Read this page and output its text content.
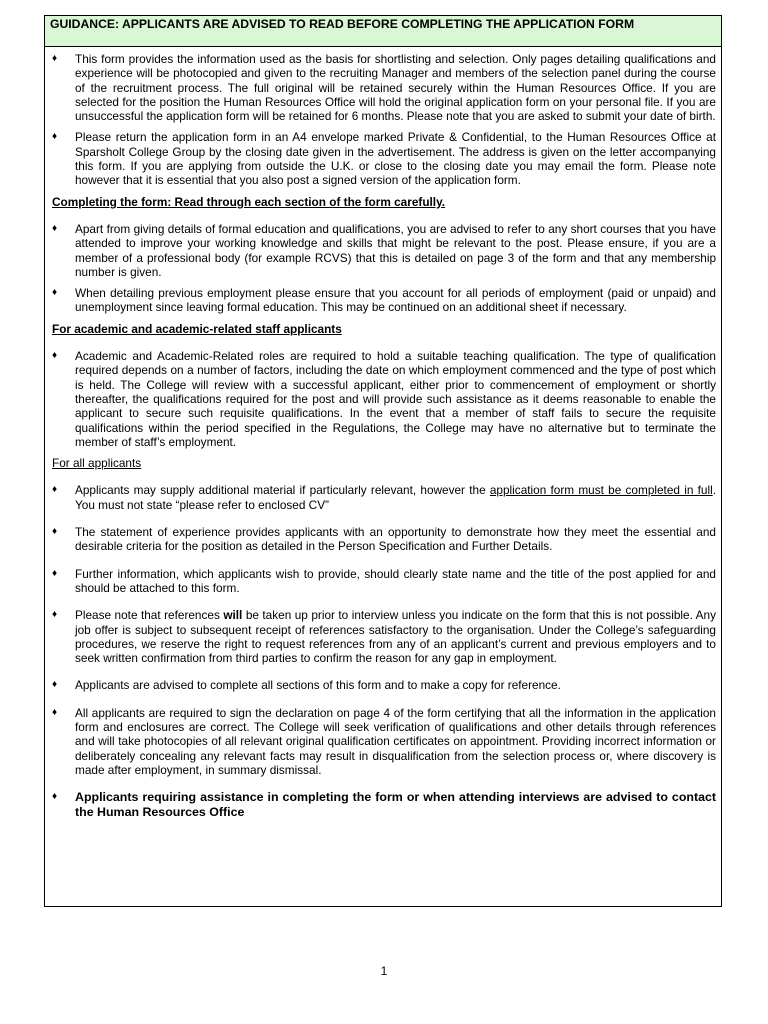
GUIDANCE: APPLICANTS ARE ADVISED TO READ BEFORE COMPLETING THE APPLICATION FORM
♦	This form provides the information used as the basis for shortlisting and selection. Only pages detailing qualifications and experience will be photocopied and given to the recruiting Manager and members of the selection panel during the course of the recruitment process. The full original will be retained securely within the Human Resources Office. If you are selected for the position the Human Resources Office will hold the original application form on your personal file. If you are unsuccessful the application form will be retained for 6 months. Please note that you are asked to submit your date of birth.
♦	Please return the application form in an A4 envelope marked Private & Confidential, to the Human Resources Office at Sparsholt College Group by the closing date given in the advertisement. The address is given on the letter accompanying this form. If you are applying from outside the U.K. or close to the closing date you may email the form. Please note however that it is essential that you also post a signed version of the application form.
Completing the form: Read through each section of the form carefully.
♦	Apart from giving details of formal education and qualifications, you are advised to refer to any short courses that you have attended to improve your working knowledge and skills that might be relevant to the post. Please ensure, if you are a member of a professional body (for example RCVS) that this is detailed on page 3 of the form and that any membership number is given.
♦	When detailing previous employment please ensure that you account for all periods of employment (paid or unpaid) and unemployment since leaving formal education. This may be continued on an additional sheet if necessary.
For academic and academic-related staff applicants
♦	Academic and Academic-Related roles are required to hold a suitable teaching qualification. The type of qualification required depends on a number of factors, including the date on which employment commenced and the type of post which is held. The College will review with a successful applicant, either prior to commencement of employment or shortly thereafter, the qualifications required for the post and will provide such assistance as it deems reasonable to enable the applicant to secure such requisite qualifications. In the event that a member of staff fails to secure the requisite qualifications within the period specified in the Regulations, the College may have no alternative but to terminate the member of staff’s employment.
For all applicants
♦	Applicants may supply additional material if particularly relevant, however the application form must be completed in full. You must not state “please refer to enclosed CV”
♦	The statement of experience provides applicants with an opportunity to demonstrate how they meet the essential and desirable criteria for the position as detailed in the Person Specification and Further Details.
♦	Further information, which applicants wish to provide, should clearly state name and the title of the post applied for and should be attached to this form.
♦	Please note that references will be taken up prior to interview unless you indicate on the form that this is not possible. Any job offer is subject to subsequent receipt of references satisfactory to the organisation. Under the College’s safeguarding procedures, we reserve the right to request references from any of an applicant’s current and previous employers and to seek written confirmation from third parties to confirm the reason for any gap in employment.
♦	Applicants are advised to complete all sections of this form and to make a copy for reference.
♦	All applicants are required to sign the declaration on page 4 of the form certifying that all the information in the application form and enclosures are correct. The College will seek verification of qualifications and other details through references and will take photocopies of all relevant original qualification certificates on appointment. Providing incorrect information or deliberately concealing any relevant facts may result in disqualification from the selection process or, where discovery is made after employment, in summary dismissal.
♦	Applicants requiring assistance in completing the form or when attending interviews are advised to contact the Human Resources Office
1
